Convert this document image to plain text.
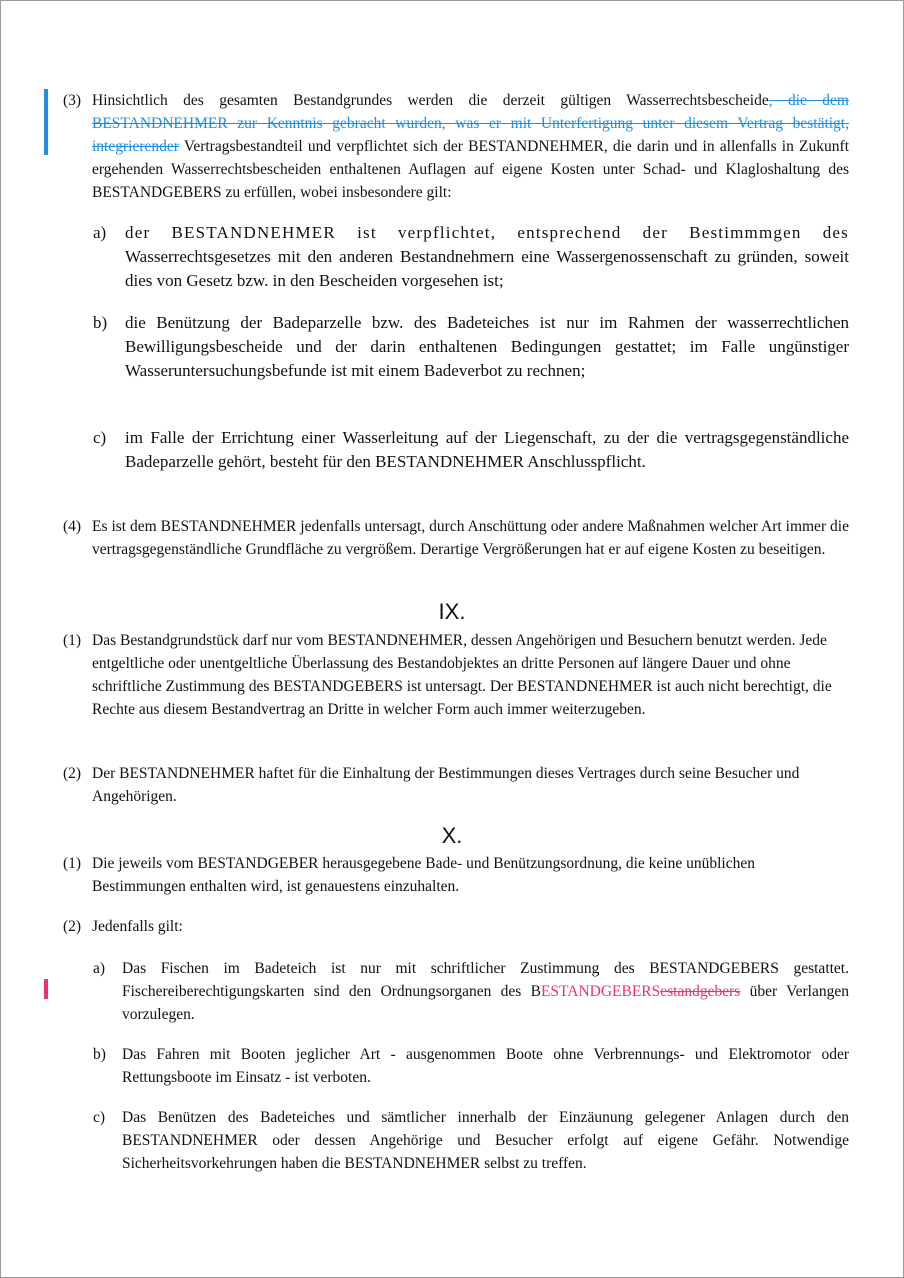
(3) Hinsichtlich des gesamten Bestandgrundes werden die derzeit gültigen Wasserrechtsbescheide, die dem BESTANDNEHMER zur Kenntnis gebracht wurden, was er mit Unterfertigung unter diesem Vertrag bestätigt, integrierender Vertragsbestandteil und verpflichtet sich der BESTANDNEHMER, die darin und in allenfalls in Zukunft ergehenden Wasserrechtsbescheiden enthaltenen Auflagen auf eigene Kosten unter Schad- und Klagloshaltung des BESTANDGEBERS zu erfüllen, wobei insbesondere gilt:

a) der BESTANDNEHMER ist verpflichtet, entsprechend der Bestimmmgen des Wasserrechtsgesetzes mit den anderen Bestandnehmern eine Wassergenossenschaft zu gründen, soweit dies von Gesetz bzw. in den Bescheiden vorgesehen ist;

b) die Benützung der Badeparzelle bzw. des Badeteiches ist nur im Rahmen der wasserrechtlichen Bewilligungsbescheide und der darin enthaltenen Bedingungen gestattet; im Falle ungünstiger Wasseruntersuchungsbefunde ist mit einem Badeverbot zu rechnen;

c) im Falle der Errichtung einer Wasserleitung auf der Liegenschaft, zu der die vertragsgegenständliche Badeparzelle gehört, besteht für den BESTANDNEHMER Anschlusspflicht.

(4) Es ist dem BESTANDNEHMER jedenfalls untersagt, durch Anschüttung oder andere Maßnahmen welcher Art immer die vertragsgegenständliche Grundfläche zu vergrößem. Derartige Vergrößerungen hat er auf eigene Kosten zu beseitigen.

IX.
(1) Das Bestandgrundstück darf nur vom BESTANDNEHMER, dessen Angehörigen und Besuchern benutzt werden. Jede entgeltliche oder unentgeltliche Überlassung des Bestandobjektes an dritte Personen auf längere Dauer und ohne schriftliche Zustimmung des BESTANDGEBERS ist untersagt. Der BESTANDNEHMER ist auch nicht berechtigt, die Rechte aus diesem Bestandvertrag an Dritte in welcher Form auch immer weiterzugeben.

(2) Der BESTANDNEHMER haftet für die Einhaltung der Bestimmungen dieses Vertrages durch seine Besucher und Angehörigen.

X.
(1) Die jeweils vom BESTANDGEBER herausgegebene Bade- und Benützungsordnung, die keine unüblichen Bestimmungen enthalten wird, ist genauestens einzuhalten.

(2) Jedenfalls gilt:

a) Das Fischen im Badeteich ist nur mit schriftlicher Zustimmung des BESTANDGEBERS gestattet. Fischereiberechtigungskarten sind den Ordnungsorganen des BESTANDGEBERSestandgebers über Verlangen vorzulegen.

b) Das Fahren mit Booten jeglicher Art - ausgenommen Boote ohne Verbrennungs- und Elektromotor oder Rettungsboote im Einsatz - ist verboten.

c) Das Benützen des Badeteiches und sämtlicher innerhalb der Einzäunung gelegener Anlagen durch den BESTANDNEHMER oder dessen Angehörige und Besucher erfolgt auf eigene Gefähr. Notwendige Sicherheitsvorkehrungen haben die BESTANDNEHMER selbst zu treffen.
